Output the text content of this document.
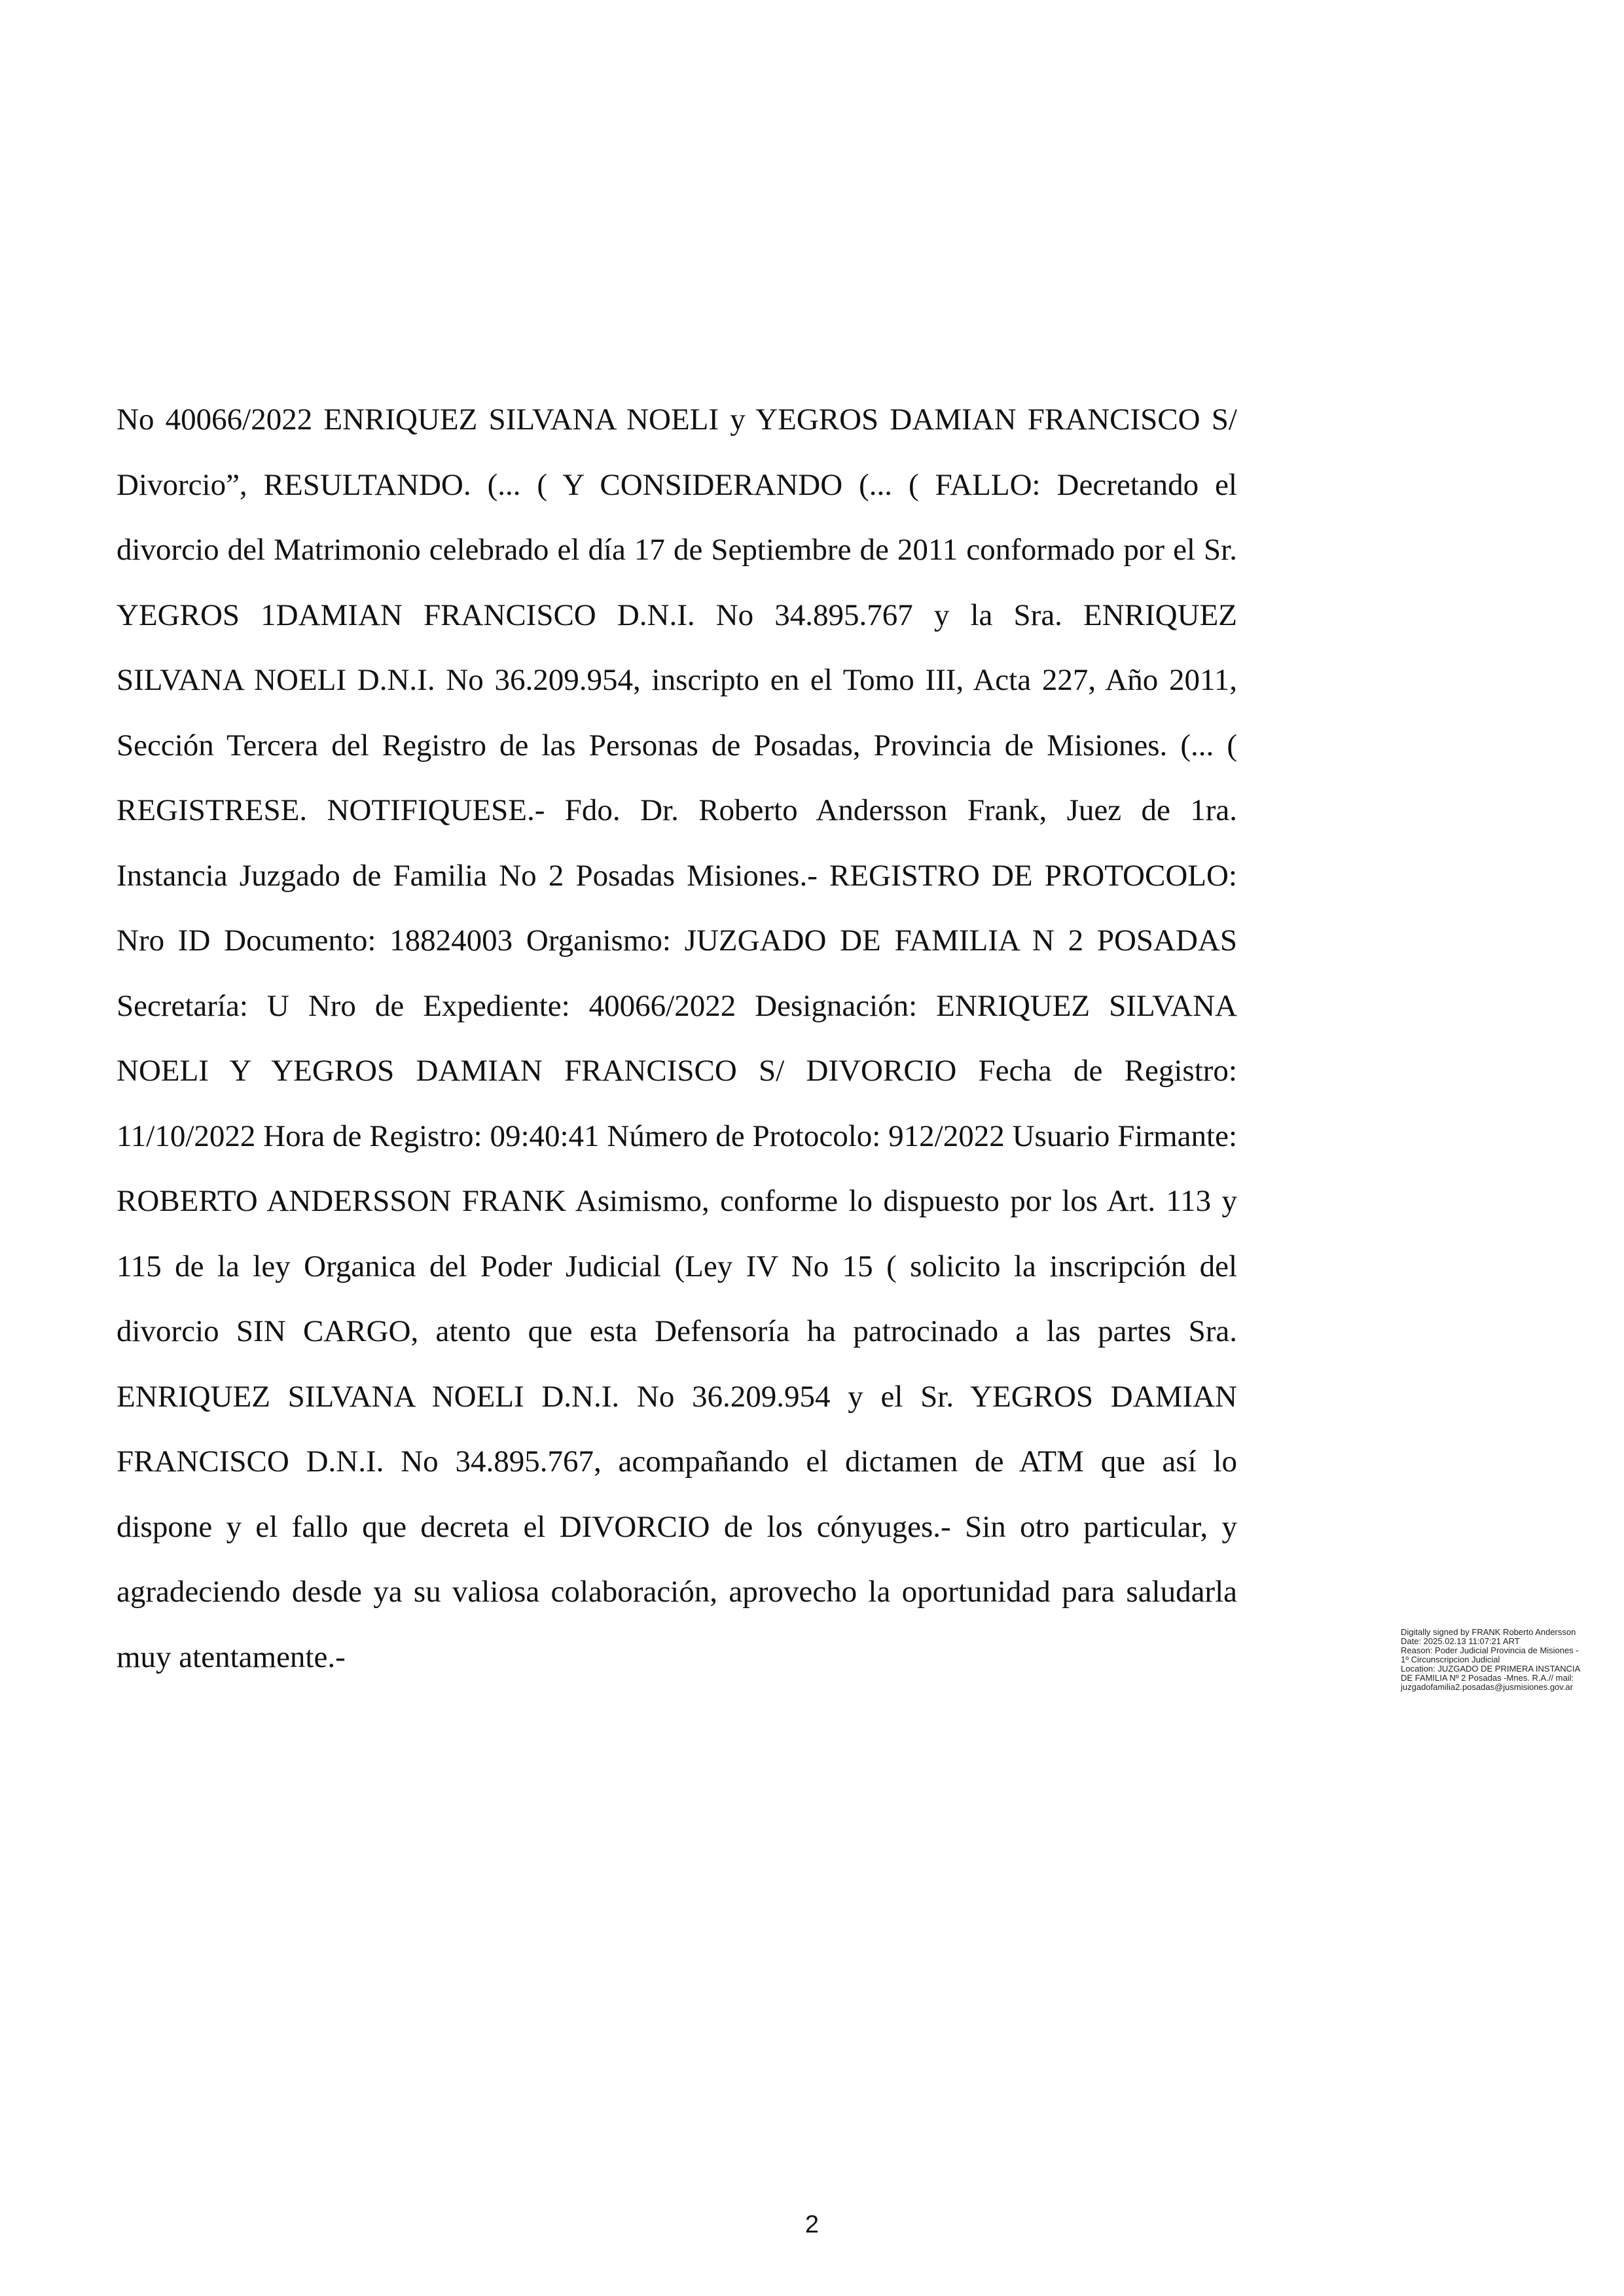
No 40066/2022 ENRIQUEZ SILVANA NOELI y YEGROS DAMIAN FRANCISCO S/ Divorcio”, RESULTANDO. (... ( Y CONSIDERANDO (... ( FALLO: Decretando el divorcio del Matrimonio celebrado el día 17 de Septiembre de 2011 conformado por el Sr. YEGROS 1DAMIAN FRANCISCO D.N.I. No 34.895.767 y la Sra. ENRIQUEZ SILVANA NOELI D.N.I. No 36.209.954, inscripto en el Tomo III, Acta 227, Año 2011, Sección Tercera del Registro de las Personas de Posadas, Provincia de Misiones. (... ( REGISTRESE. NOTIFIQUESE.- Fdo. Dr. Roberto Andersson Frank, Juez de 1ra. Instancia Juzgado de Familia No 2 Posadas Misiones.- REGISTRO DE PROTOCOLO: Nro ID Documento: 18824003 Organismo: JUZGADO DE FAMILIA N 2 POSADAS Secretaría: U Nro de Expediente: 40066/2022 Designación: ENRIQUEZ SILVANA NOELI Y YEGROS DAMIAN FRANCISCO S/ DIVORCIO Fecha de Registro: 11/10/2022 Hora de Registro: 09:40:41 Número de Protocolo: 912/2022 Usuario Firmante: ROBERTO ANDERSSON FRANK Asimismo, conforme lo dispuesto por los Art. 113 y 115 de la ley Organica del Poder Judicial (Ley IV No 15 ( solicito la inscripción del divorcio SIN CARGO, atento que esta Defensoría ha patrocinado a las partes Sra. ENRIQUEZ SILVANA NOELI D.N.I. No 36.209.954 y el Sr. YEGROS DAMIAN FRANCISCO D.N.I. No 34.895.767, acompañando el dictamen de ATM que así lo dispone y el fallo que decreta el DIVORCIO de los cónyuges.- Sin otro particular, y agradeciendo desde ya su valiosa colaboración, aprovecho la oportunidad para saludarla muy atentamente.-

Digitally signed by FRANK Roberto Andersson
Date: 2025.02.13 11:07:21 ART
Reason: Poder Judicial Provincia de Misiones -
1º Circunscripcion Judicial
Location: JUZGADO DE PRIMERA INSTANCIA
DE FAMILIA Nº 2 Posadas -Mnes. R.A.// mail:
juzgadofamilia2.posadas@jusmisiones.gov.ar
2
